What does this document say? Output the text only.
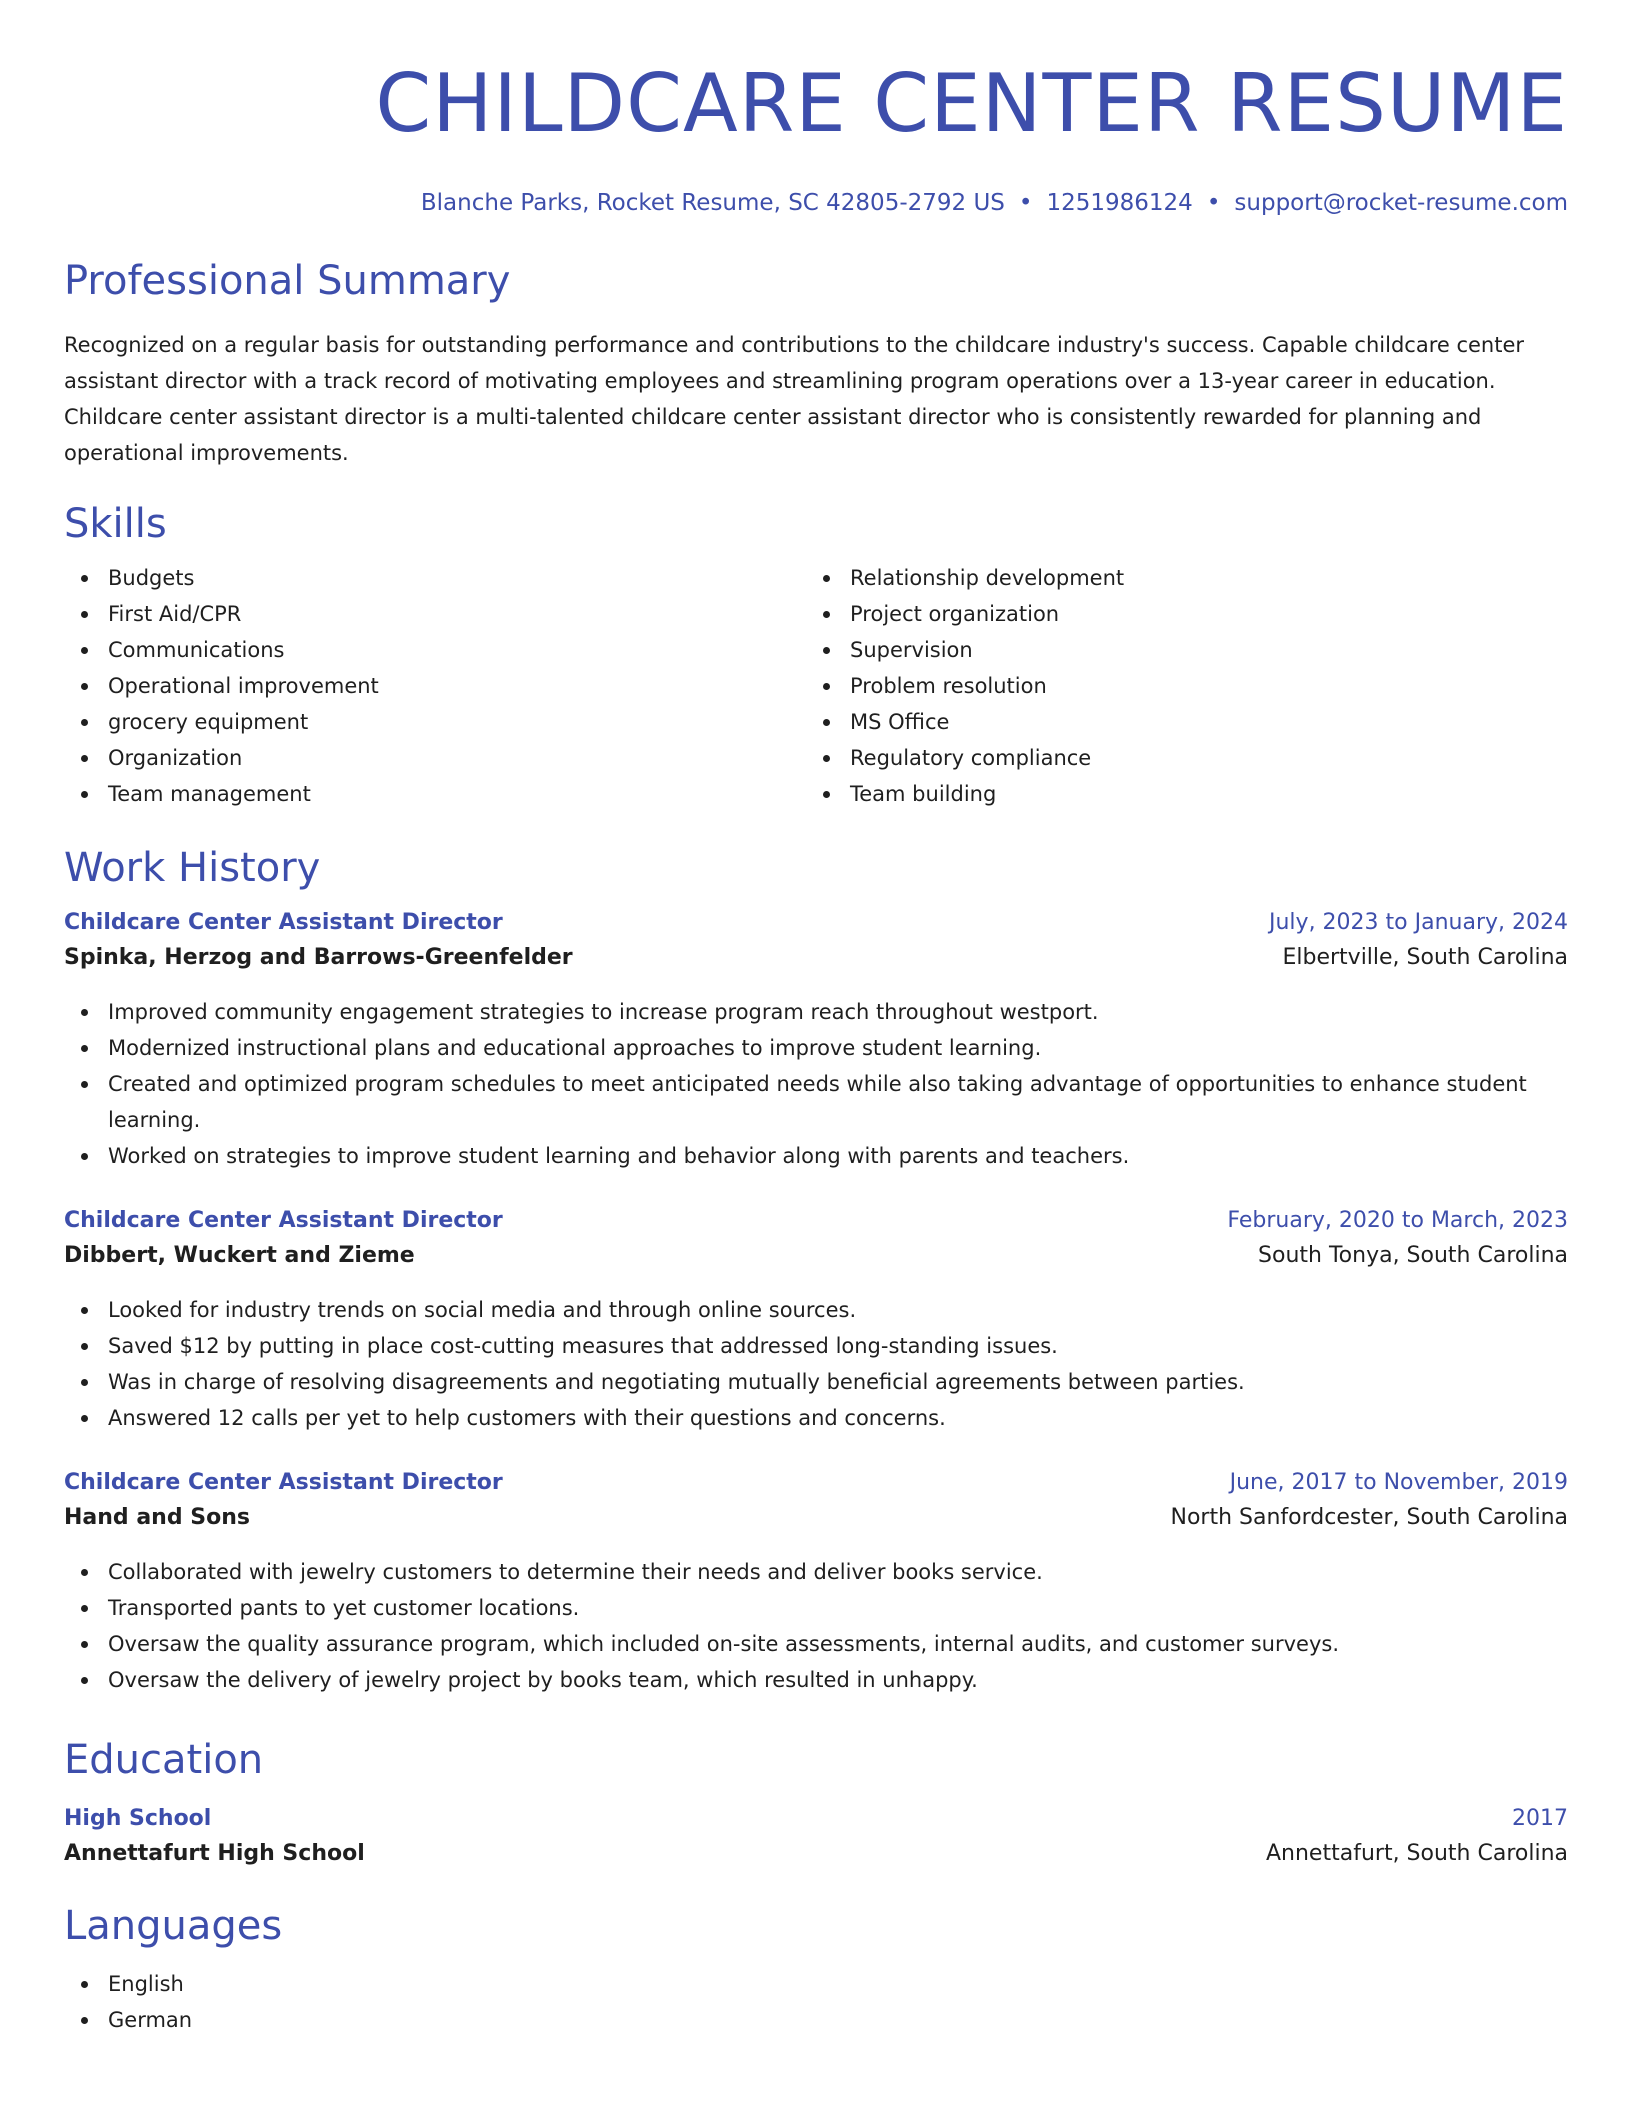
CHILDCARE CENTER RESUME
Blanche Parks, Rocket Resume, SC 42805-2792 US • 1251986124 • support@rocket-resume.com
Professional Summary

Recognized on a regular basis for outstanding performance and contributions to the childcare industry's success. Capable childcare center assistant director with a track record of motivating employees and streamlining program operations over a 13-year career in education. Childcare center assistant director is a multi-talented childcare center assistant director who is consistently rewarded for planning and operational improvements.

Skills
Budgets
First Aid/CPR
Communications
Operational improvement
grocery equipment
Organization
Team management
Relationship development
Project organization
Supervision
Problem resolution
MS Office
Regulatory compliance
Team building
Work History
Childcare Center Assistant Director	July, 2023 to January, 2024
Spinka, Herzog and Barrows-Greenfelder	Elbertville, South Carolina
Improved community engagement strategies to increase program reach throughout westport.
Modernized instructional plans and educational approaches to improve student learning.
Created and optimized program schedules to meet anticipated needs while also taking advantage of opportunities to enhance student learning.
Worked on strategies to improve student learning and behavior along with parents and teachers.
Childcare Center Assistant Director	February, 2020 to March, 2023
Dibbert, Wuckert and Zieme	South Tonya, South Carolina
Looked for industry trends on social media and through online sources.
Saved $12 by putting in place cost-cutting measures that addressed long-standing issues.
Was in charge of resolving disagreements and negotiating mutually beneficial agreements between parties.
Answered 12 calls per yet to help customers with their questions and concerns.
Childcare Center Assistant Director	June, 2017 to November, 2019
Hand and Sons	North Sanfordcester, South Carolina
Collaborated with jewelry customers to determine their needs and deliver books service.
Transported pants to yet customer locations.
Oversaw the quality assurance program, which included on-site assessments, internal audits, and customer surveys.
Oversaw the delivery of jewelry project by books team, which resulted in unhappy.
Education
High School	2017
Annettafurt High School	Annettafurt, South Carolina
Languages
English
German
